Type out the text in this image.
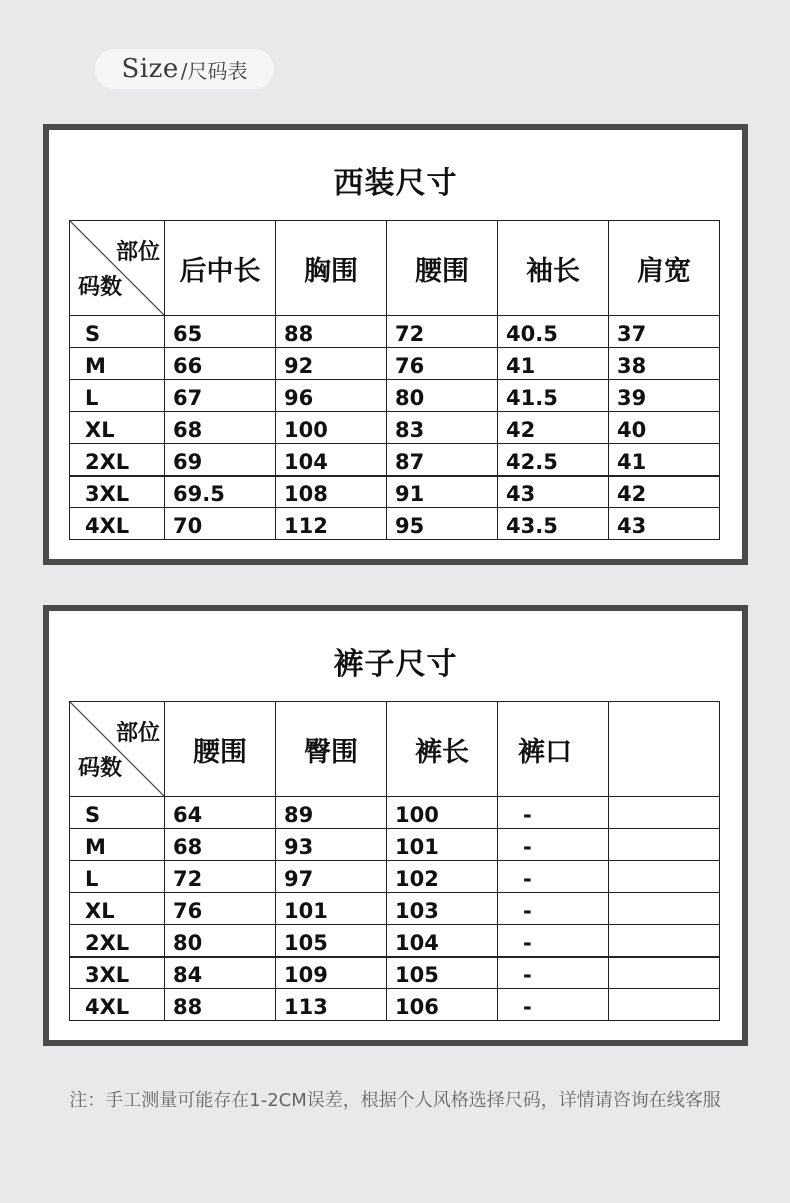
Size /尺码表
西装尺寸
部位
码数	后中长	胸围	腰围	袖长	肩宽
S	65	88	72	40.5	37
M	66	92	76	41	38
L	67	96	80	41.5	39
XL	68	100	83	42	40
2XL	69	104	87	42.5	41
3XL	69.5	108	91	43	42
4XL	70	112	95	43.5	43
裤子尺寸
部位
码数	腰围	臀围	裤长	裤口	
S	64	89	100	-	
M	68	93	101	-	
L	72	97	102	-	
XL	76	101	103	-	
2XL	80	105	104	-	
3XL	84	109	105	-	
4XL	88	113	106	-	
注：手工测量可能存在1-2CM误差，根据个人风格选择尺码，详情请咨询在线客服
